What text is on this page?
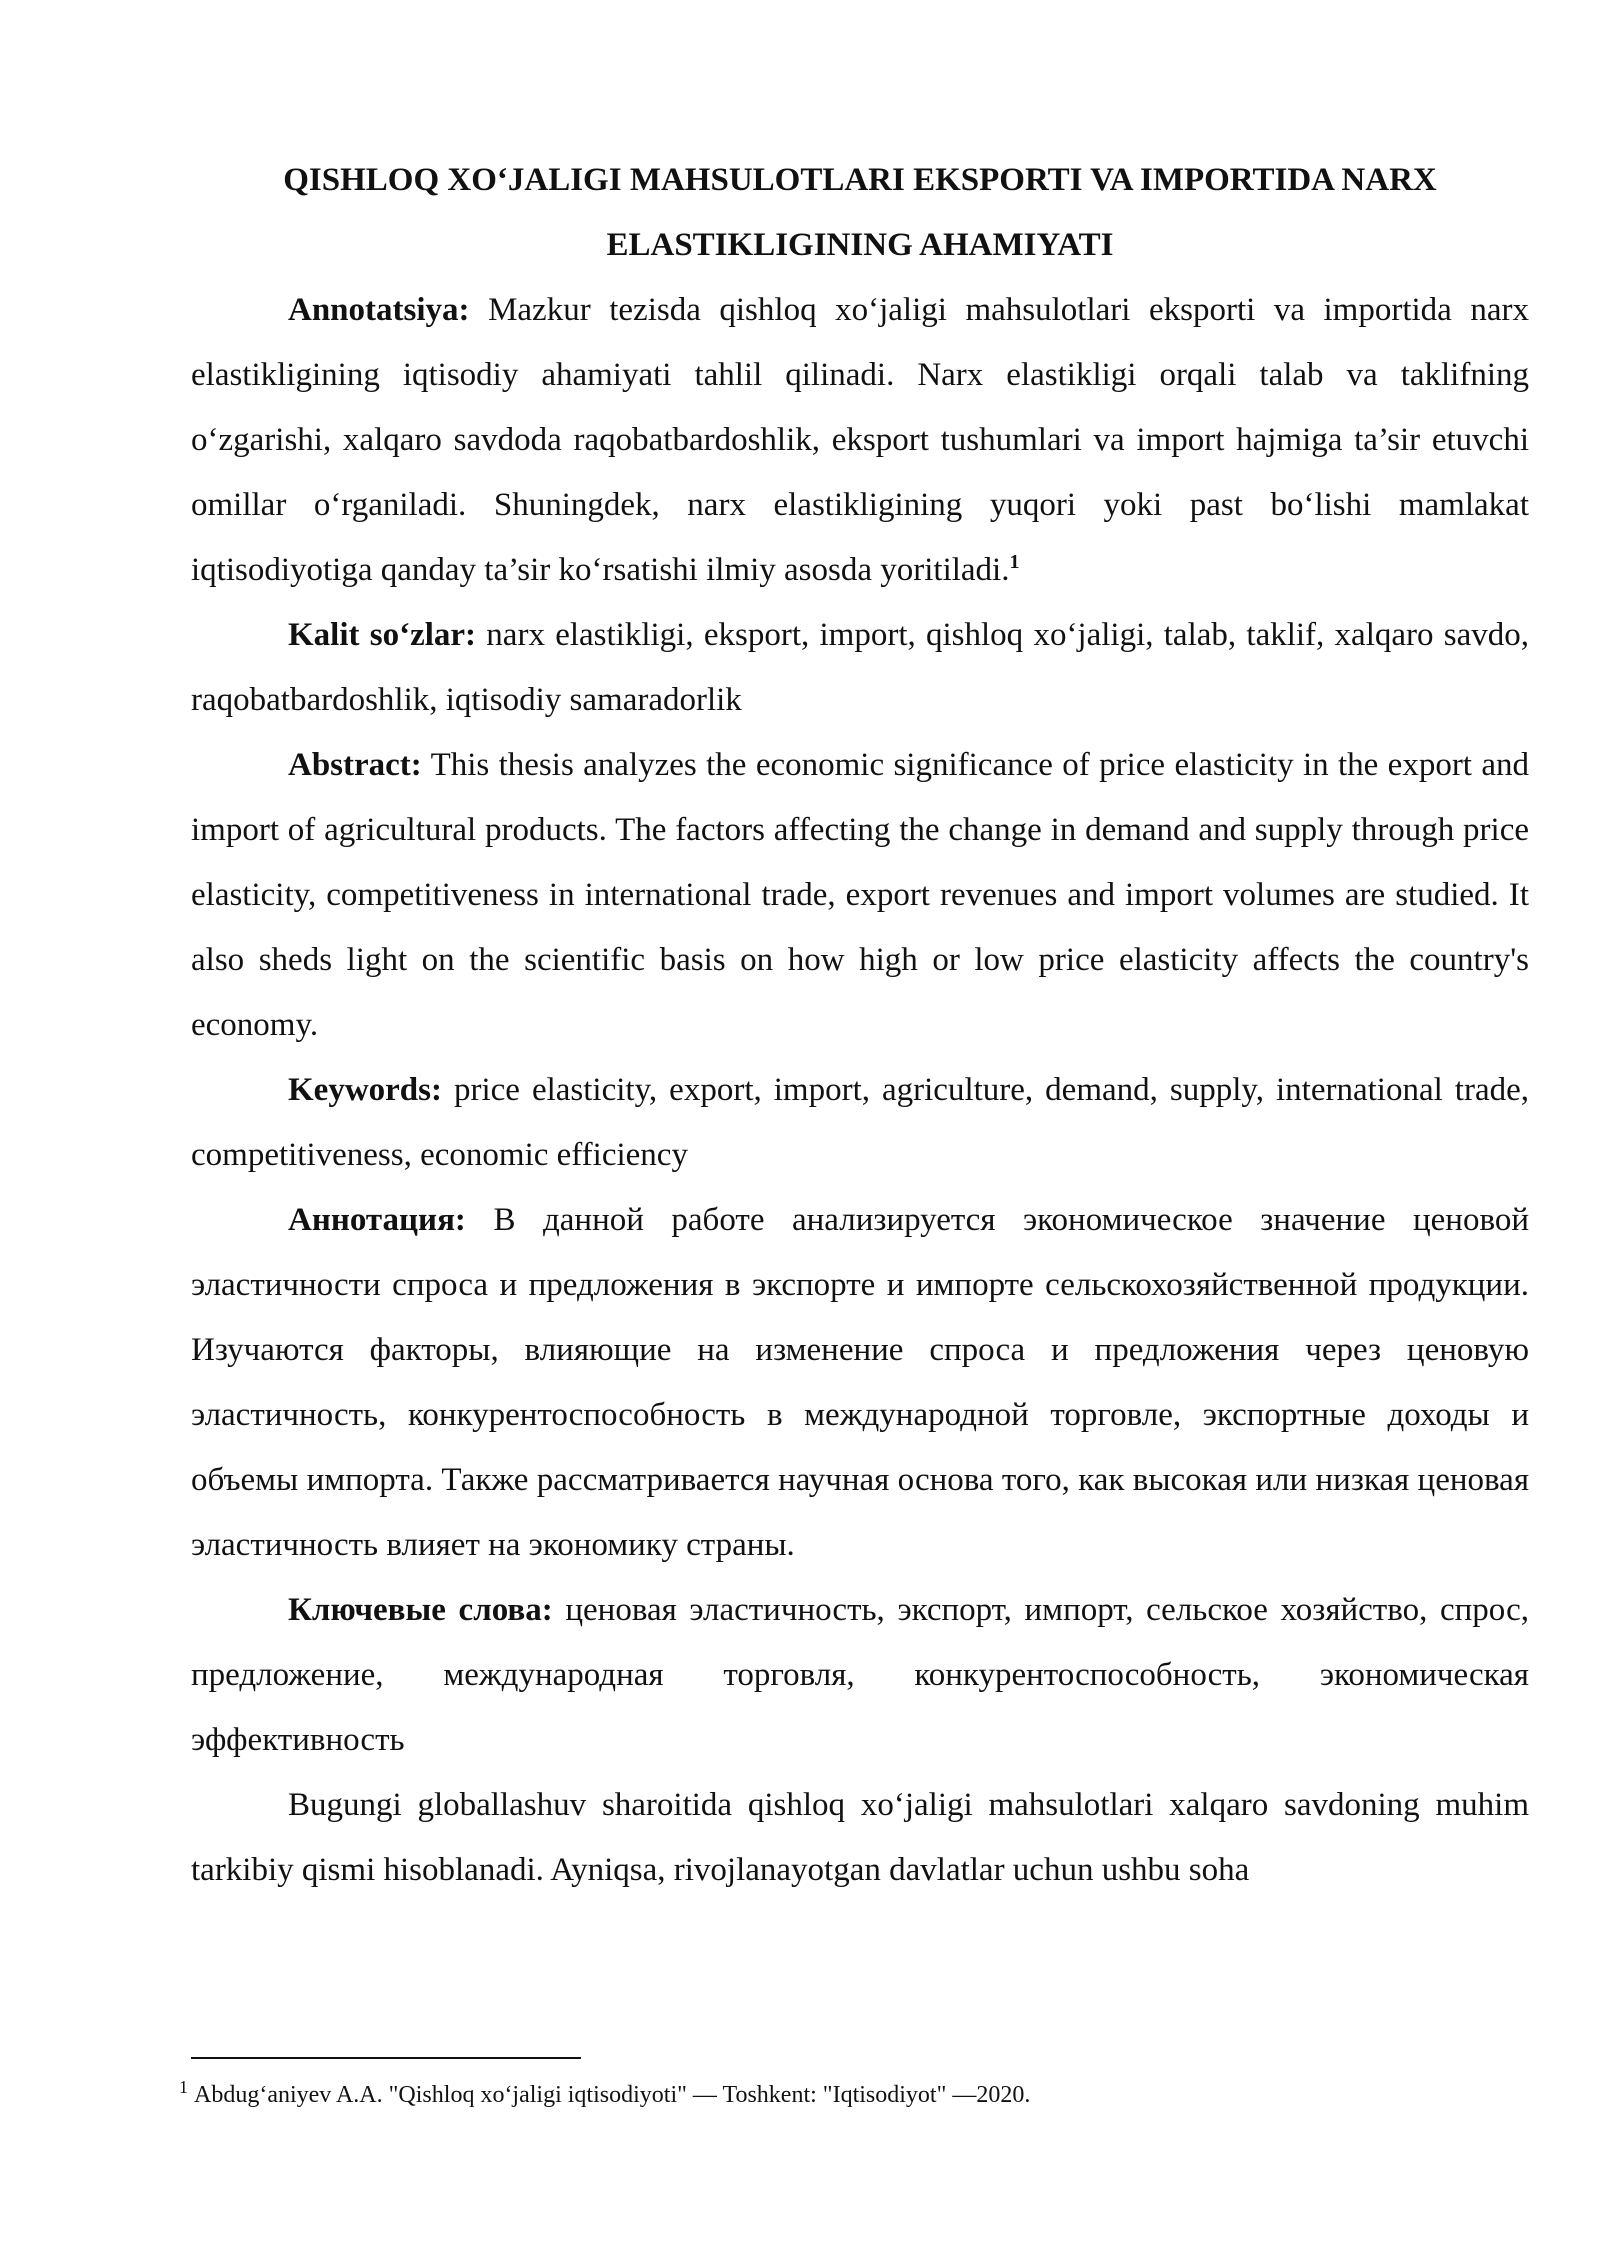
QISHLOQ XO‘JALIGI MAHSULOTLARI EKSPORTI VA IMPORTIDA NARX
ELASTIKLIGINING AHAMIYATI

Annotatsiya: Mazkur tezisda qishloq xo‘jaligi mahsulotlari eksporti va importida narx elastikligining iqtisodiy ahamiyati tahlil qilinadi. Narx elastikligi orqali talab va taklifning o‘zgarishi, xalqaro savdoda raqobatbardoshlik, eksport tushumlari va import hajmiga ta’sir etuvchi omillar o‘rganiladi. Shuningdek, narx elastikligining yuqori yoki past bo‘lishi mamlakat iqtisodiyotiga qanday ta’sir ko‘rsatishi ilmiy asosda yoritiladi.$^1$

Kalit so‘zlar: narx elastikligi, eksport, import, qishloq xo‘jaligi, talab, taklif, xalqaro savdo, raqobatbardoshlik, iqtisodiy samaradorlik

Abstract: This thesis analyzes the economic significance of price elasticity in the export and import of agricultural products. The factors affecting the change in demand and supply through price elasticity, competitiveness in international trade, export revenues and import volumes are studied. It also sheds light on the scientific basis on how high or low price elasticity affects the country's economy.

Keywords: price elasticity, export, import, agriculture, demand, supply, international trade, competitiveness, economic efficiency

Аннотация: В данной работе анализируется экономическое значение ценовой эластичности спроса и предложения в экспорте и импорте сельскохозяйственной продукции. Изучаются факторы, влияющие на изменение спроса и предложения через ценовую эластичность, конкурентоспособность в международной торговле, экспортные доходы и объемы импорта. Также рассматривается научная основа того, как высокая или низкая ценовая эластичность влияет на экономику страны.

Ключевые слова: ценовая эластичность, экспорт, импорт, сельское хозяйство, спрос, предложение, международная торговля, конкурентоспособность, экономическая эффективность

Bugungi globallashuv sharoitida qishloq xo‘jaligi mahsulotlari xalqaro savdoning muhim tarkibiy qismi hisoblanadi. Ayniqsa, rivojlanayotgan davlatlar uchun ushbu soha

$^1$ Abdug‘aniyev A.A. "Qishloq xo‘jaligi iqtisodiyoti" — Toshkent: "Iqtisodiyot" —2020.
